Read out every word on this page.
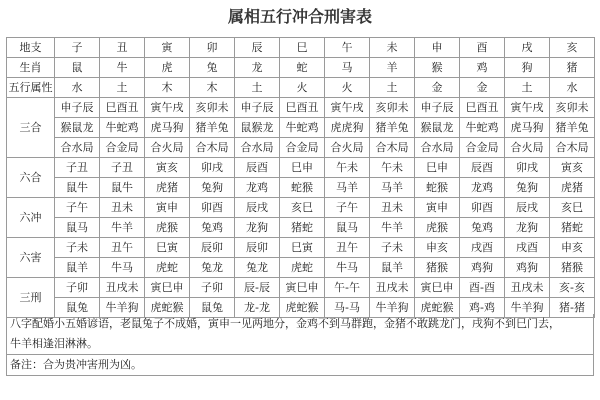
属相五行冲合刑害表
地支	子	丑	寅	卯	辰	巳	午	未	申	酉	戌	亥
生肖	鼠	牛	虎	兔	龙	蛇	马	羊	猴	鸡	狗	猪
五行属性	水	土	木	木	土	火	火	土	金	金	土	水
三合	申子辰	巳酉丑	寅午戌	亥卯未	申子辰	巳酉丑	寅午戌	亥卯未	申子辰	巳酉丑	寅午戌	亥卯未
	猴鼠龙	牛蛇鸡	虎马狗	猪羊兔	鼠猴龙	牛蛇鸡	虎虎狗	猪羊兔	猴鼠龙	牛蛇鸡	虎马狗	猪羊兔
	合水局	合金局	合火局	合木局	合水局	合金局	合火局	合木局	合水局	合金局	合火局	合木局
六合	子丑	子丑	寅亥	卯戌	辰酉	巳申	午未	午未	巳申	辰酉	卯戌	寅亥
	鼠牛	鼠牛	虎猪	兔狗	龙鸡	蛇猴	马羊	马羊	蛇猴	龙鸡	兔狗	虎猪
六冲	子午	丑未	寅申	卯酉	辰戌	亥巳	子午	丑未	寅申	卯酉	辰戌	亥巳
	鼠马	牛羊	虎猴	兔鸡	龙狗	猪蛇	鼠马	牛羊	虎猴	兔鸡	龙狗	猪蛇
六害	子未	丑午	巳寅	辰卯	辰卯	巳寅	丑午	子未	申亥	戌酉	戌酉	申亥
	鼠羊	牛马	虎蛇	兔龙	兔龙	虎蛇	牛马	鼠羊	猪猴	鸡狗	鸡狗	猪猴
三刑	子卯	丑戌未	寅巳申	子卯	辰-辰	寅巳申	午-午	丑戌未	寅巳申	酉-酉	丑戌未	亥-亥
	鼠兔	牛羊狗	虎蛇猴	鼠兔	龙-龙	虎蛇猴	马-马	牛羊狗	虎蛇猴	鸡-鸡	牛羊狗	猪-猪
八字配婚小五婚谚语，老鼠兔子不成婚，寅申一见两地分，金鸡不到马群跑，金猪不敢跳龙门，戌狗不到巳门去，
牛羊相逢泪淋淋。
备注：合为贵冲害刑为凶。
